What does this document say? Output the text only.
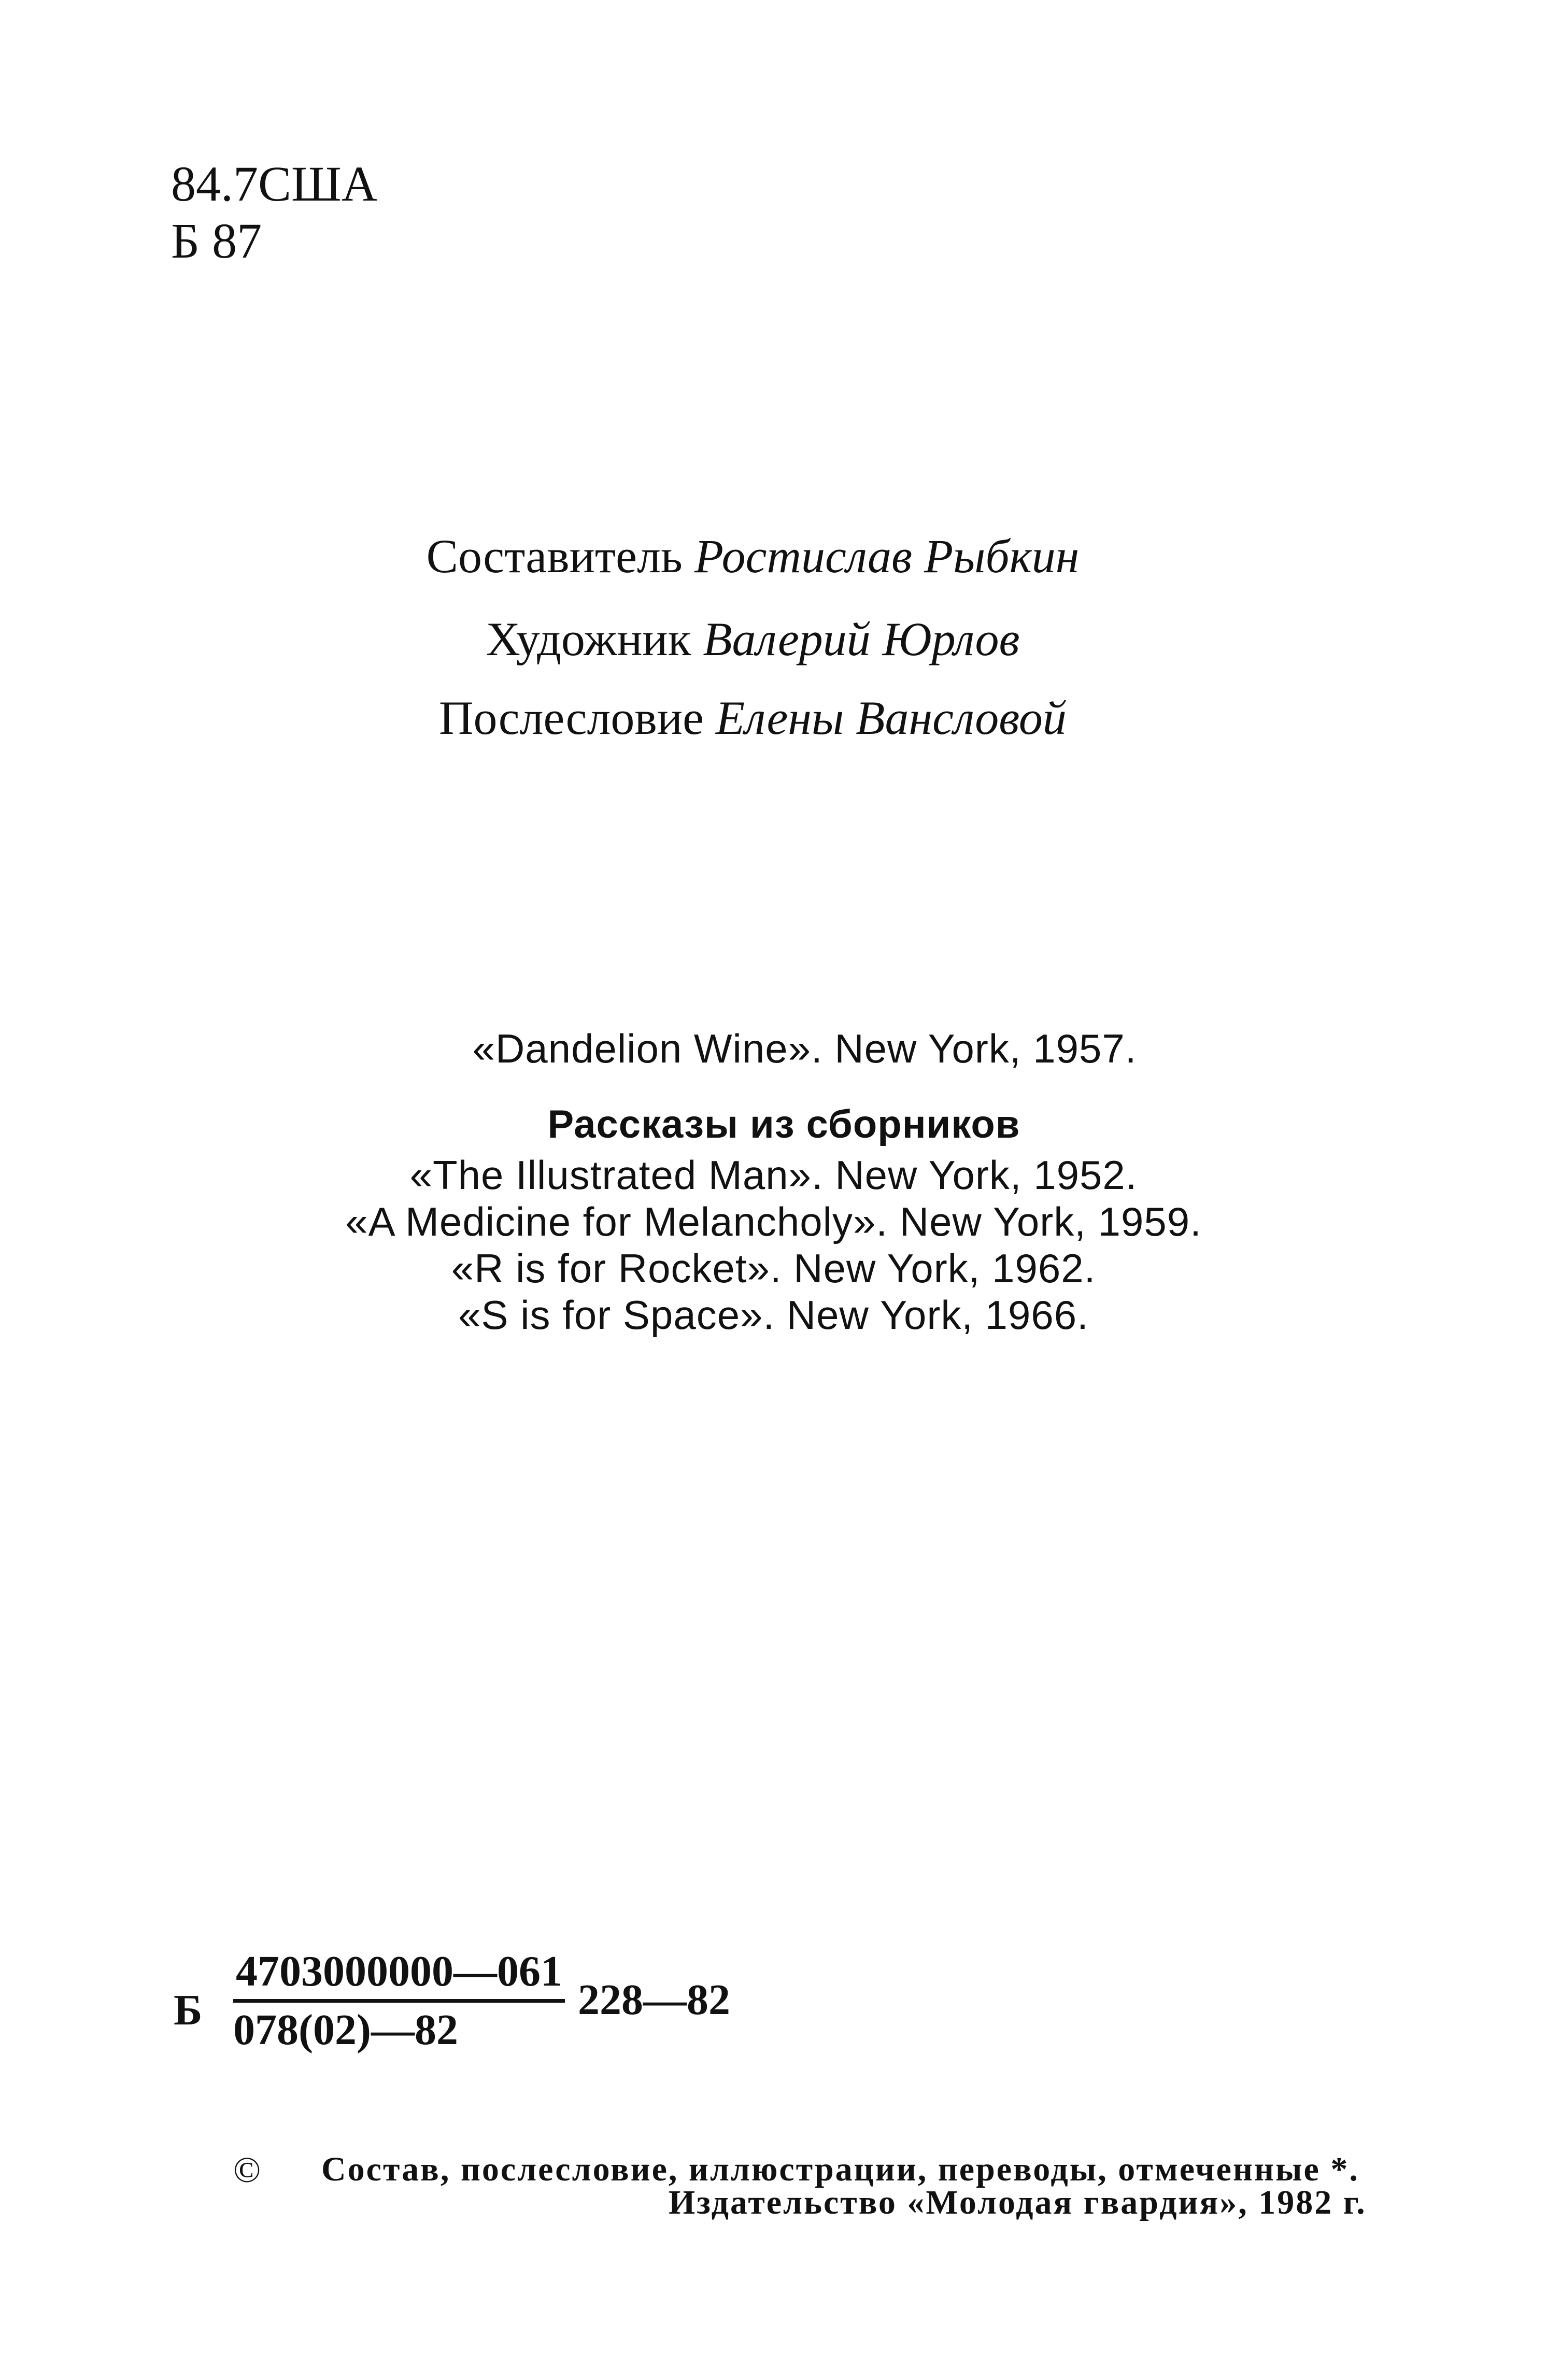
84.7США
Б 87
Составитель Ростислав Рыбкин
Художник Валерий Юрлов
Послесловие Елены Вансловой
«Dandelion Wine». New York, 1957.
Рассказы из сборников
«The Illustrated Man». New York, 1952.
«A Medicine for Melancholy». New York, 1959.
«R is for Rocket». New York, 1962.
«S is for Space». New York, 1966.
Б
4703000000—061
078(02)—82
228—82
© Состав, послесловие, иллюстрации, переводы, отмеченные *.
Издательство «Молодая гвардия», 1982 г.
